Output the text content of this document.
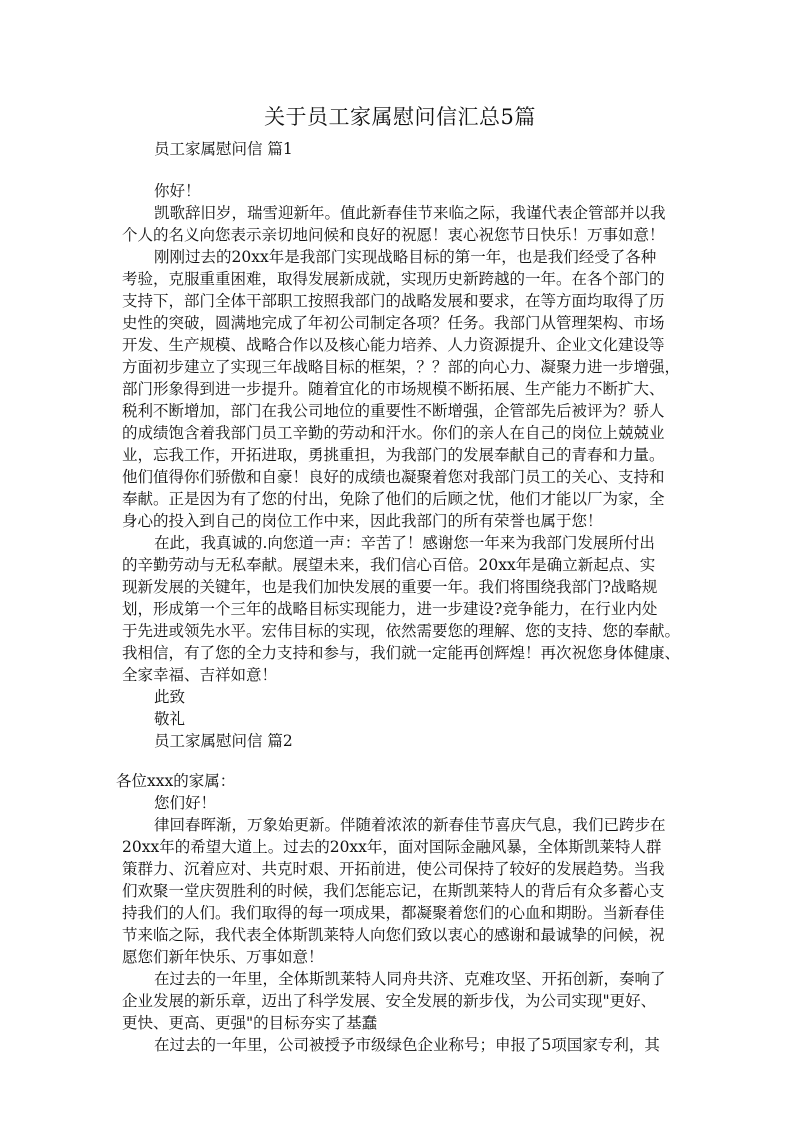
关于员工家属慰问信汇总5篇
员工家属慰问信 篇1
你好！
凯歌辞旧岁，瑞雪迎新年。值此新春佳节来临之际，我谨代表企管部并以我
个人的名义向您表示亲切地问候和良好的祝愿！衷心祝您节日快乐！万事如意！
刚刚过去的20xx年是我部门实现战略目标的第一年，也是我们经受了各种
考验，克服重重困难，取得发展新成就，实现历史新跨越的一年。在各个部门的
支持下，部门全体干部职工按照我部门的战略发展和要求，在等方面均取得了历
史性的突破，圆满地完成了年初公司制定各项？任务。我部门从管理架构、市场
开发、生产规模、战略合作以及核心能力培养、人力资源提升、企业文化建设等
方面初步建立了实现三年战略目标的框架，？？部的向心力、凝聚力进一步增强，
部门形象得到进一步提升。随着宜化的市场规模不断拓展、生产能力不断扩大、
税利不断增加，部门在我公司地位的重要性不断增强，企管部先后被评为？骄人
的成绩饱含着我部门员工辛勤的劳动和汗水。你们的亲人在自己的岗位上兢兢业
业，忘我工作，开拓进取，勇挑重担，为我部门的发展奉献自己的青春和力量。
他们值得你们骄傲和自豪！良好的成绩也凝聚着您对我部门员工的关心、支持和
奉献。正是因为有了您的付出，免除了他们的后顾之忧，他们才能以厂为家，全
身心的投入到自己的岗位工作中来，因此我部门的所有荣誉也属于您！
在此，我真诚的.向您道一声：辛苦了！感谢您一年来为我部门发展所付出
的辛勤劳动与无私奉献。展望未来，我们信心百倍。20xx年是确立新起点、实
现新发展的关键年，也是我们加快发展的重要一年。我们将围绕我部门?战略规
划，形成第一个三年的战略目标实现能力，进一步建设?竞争能力，在行业内处
于先进或领先水平。宏伟目标的实现，依然需要您的理解、您的支持、您的奉献。
我相信，有了您的全力支持和参与，我们就一定能再创辉煌！再次祝您身体健康、
全家幸福、吉祥如意！
此致
敬礼
员工家属慰问信 篇2
各位xxx的家属：
您们好！
律回春晖渐，万象始更新。伴随着浓浓的新春佳节喜庆气息，我们已跨步在
20xx年的希望大道上。过去的20xx年，面对国际金融风暴，全体斯凯莱特人群
策群力、沉着应对、共克时艰、开拓前进，使公司保持了较好的发展趋势。当我
们欢聚一堂庆贺胜利的时候，我们怎能忘记，在斯凯莱特人的背后有众多蓄心支
持我们的人们。我们取得的每一项成果，都凝聚着您们的心血和期盼。当新春佳
节来临之际，我代表全体斯凯莱特人向您们致以衷心的感谢和最诚挚的问候，祝
愿您们新年快乐、万事如意！
在过去的一年里，全体斯凯莱特人同舟共济、克难攻坚、开拓创新，奏响了
企业发展的新乐章，迈出了科学发展、安全发展的新步伐，为公司实现"更好、
更快、更高、更强"的目标夯实了基蠢
在过去的一年里，公司被授予市级绿色企业称号；申报了5项国家专利，其
